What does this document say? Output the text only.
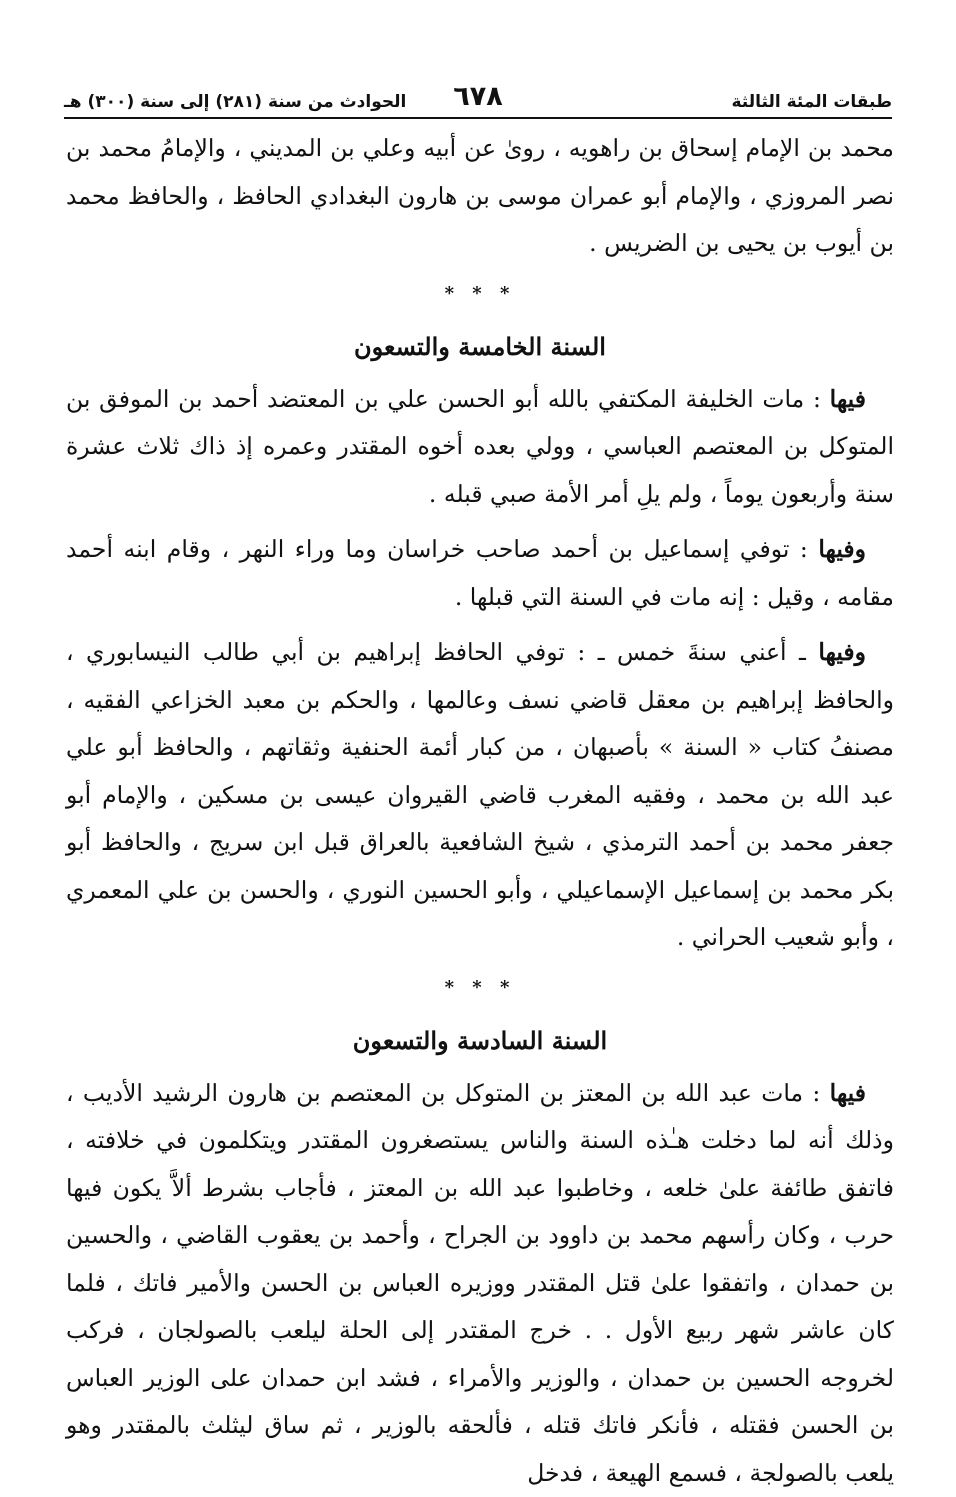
طبقات المئة الثالثة
٦٧٨
الحوادث من سنة (٢٨١) إلى سنة (٣٠٠) هـ

محمد بن الإمام إسحاق بن راهويه ، روىٰ عن أبيه وعلي بن المديني ، والإمامُ محمد بن نصر المروزي ، والإمام أبو عمران موسى بن هارون البغدادي الحافظ ، والحافظ محمد بن أيوب بن يحيى بن الضريس .

* * *
السنة الخامسة والتسعون

فيها : مات الخليفة المكتفي بالله أبو الحسن علي بن المعتضد أحمد بن الموفق بن المتوكل بن المعتصم العباسي ، وولي بعده أخوه المقتدر وعمره إذ ذاك ثلاث عشرة سنة وأربعون يوماً ، ولم يلِ أمر الأمة صبي قبله .

وفيها : توفي إسماعيل بن أحمد صاحب خراسان وما وراء النهر ، وقام ابنه أحمد مقامه ، وقيل : إنه مات في السنة التي قبلها .

وفيها ـ أعني سنةَ خمس ـ : توفي الحافظ إبراهيم بن أبي طالب النيسابوري ، والحافظ إبراهيم بن معقل قاضي نسف وعالمها ، والحكم بن معبد الخزاعي الفقيه ، مصنفُ كتاب « السنة » بأصبهان ، من كبار أئمة الحنفية وثقاتهم ، والحافظ أبو علي عبد الله بن محمد ، وفقيه المغرب قاضي القيروان عيسى بن مسكين ، والإمام أبو جعفر محمد بن أحمد الترمذي ، شيخ الشافعية بالعراق قبل ابن سريج ، والحافظ أبو بكر محمد بن إسماعيل الإسماعيلي ، وأبو الحسين النوري ، والحسن بن علي المعمري ، وأبو شعيب الحراني .

* * *
السنة السادسة والتسعون

فيها : مات عبد الله بن المعتز بن المتوكل بن المعتصم بن هارون الرشيد الأديب ، وذلك أنه لما دخلت هـٰذه السنة والناس يستصغرون المقتدر ويتكلمون في خلافته ، فاتفق طائفة علىٰ خلعه ، وخاطبوا عبد الله بن المعتز ، فأجاب بشرط ألاَّ يكون فيها حرب ، وكان رأسهم محمد بن داوود بن الجراح ، وأحمد بن يعقوب القاضي ، والحسين بن حمدان ، واتفقوا علىٰ قتل المقتدر ووزيره العباس بن الحسن والأمير فاتك ، فلما كان عاشر شهر ربيع الأول . . خرج المقتدر إلى الحلة ليلعب بالصولجان ، فركب لخروجه الحسين بن حمدان ، والوزير والأمراء ، فشد ابن حمدان على الوزير العباس بن الحسن فقتله ، فأنكر فاتك قتله ، فألحقه بالوزير ، ثم ساق ليثلث بالمقتدر وهو يلعب بالصولجة ، فسمع الهيعة ، فدخل
